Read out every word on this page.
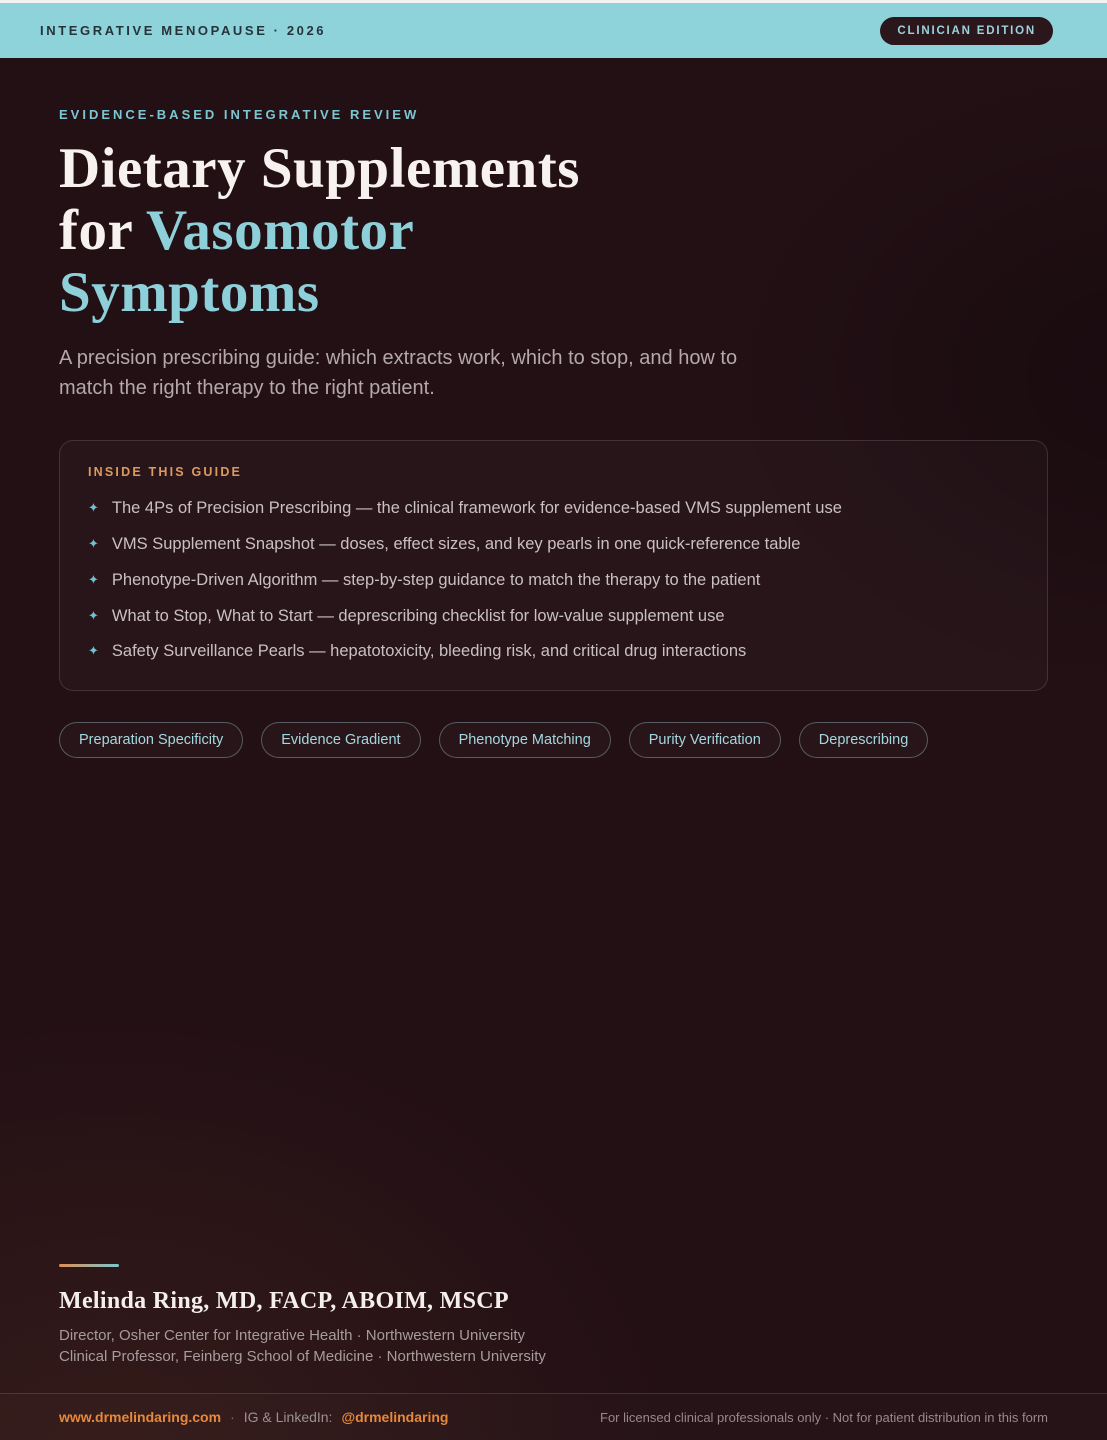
INTEGRATIVE MENOPAUSE · 2026	CLINICIAN EDITION
EVIDENCE-BASED INTEGRATIVE REVIEW
Dietary Supplements
for Vasomotor
Symptoms

A precision prescribing guide: which extracts work, which to stop, and how to match the right therapy to the right patient.

INSIDE THIS GUIDE
✦ The 4Ps of Precision Prescribing — the clinical framework for evidence-based VMS supplement use
✦ VMS Supplement Snapshot — doses, effect sizes, and key pearls in one quick-reference table
✦ Phenotype-Driven Algorithm — step-by-step guidance to match the therapy to the patient
✦ What to Stop, What to Start — deprescribing checklist for low-value supplement use
✦ Safety Surveillance Pearls — hepatotoxicity, bleeding risk, and critical drug interactions
Preparation Specificity	Evidence Gradient	Phenotype Matching	Purity Verification	Deprescribing
Melinda Ring, MD, FACP, ABOIM, MSCP
Director, Osher Center for Integrative Health · Northwestern University
Clinical Professor, Feinberg School of Medicine · Northwestern University
www.drmelindaring.com · IG & LinkedIn: @drmelindaring	For licensed clinical professionals only · Not for patient distribution in this form
